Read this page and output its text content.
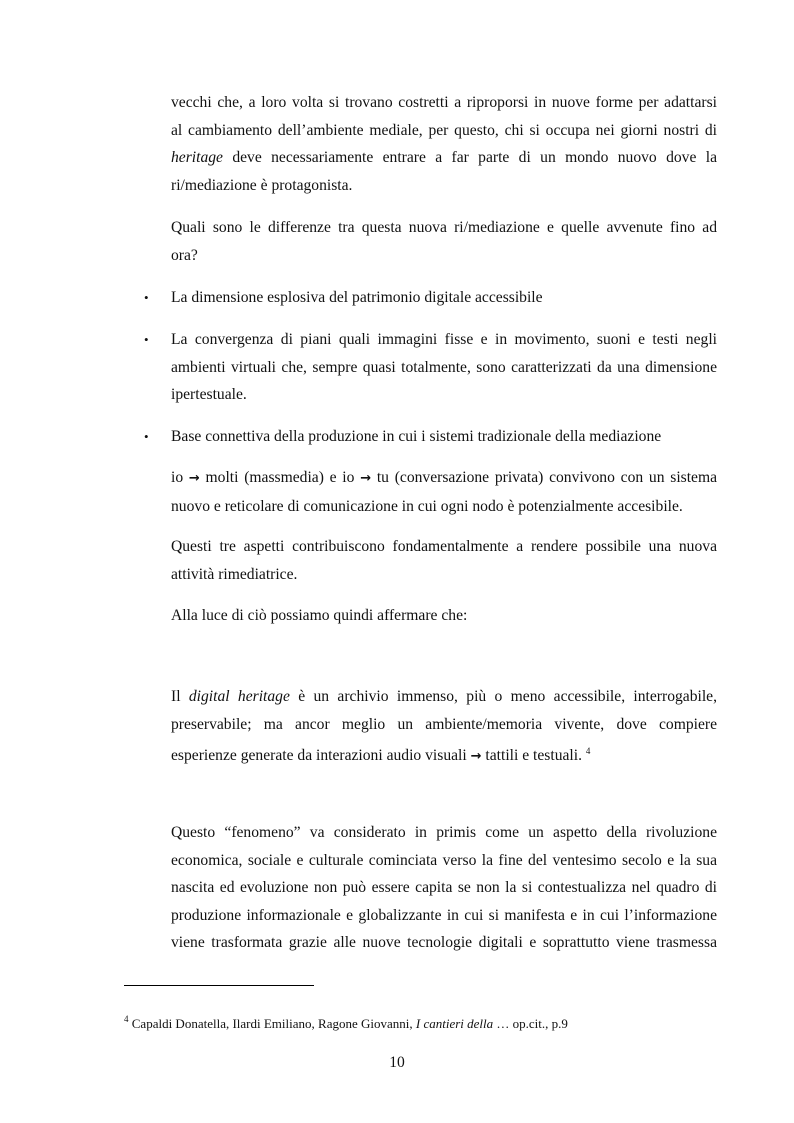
vecchi che, a loro volta si trovano costretti a riproporsi in nuove forme per adattarsi
al cambiamento dell’ambiente mediale, per questo, chi si occupa nei giorni nostri di
heritage deve necessariamente entrare a far parte di un mondo nuovo dove la
ri/mediazione è protagonista.
Quali sono le differenze tra questa nuova ri/mediazione e quelle avvenute fino ad
ora?
• La dimensione esplosiva del patrimonio digitale accessibile
• La convergenza di piani quali immagini fisse e in movimento, suoni e testi negli
ambienti virtuali che, sempre quasi totalmente, sono caratterizzati da una dimensione
ipertestuale.
• Base connettiva della produzione in cui i sistemi tradizionale della mediazione
io → molti (massmedia) e io → tu (conversazione privata) convivono con un sistema
nuovo e reticolare di comunicazione in cui ogni nodo è potenzialmente accesibile.
Questi tre aspetti contribuiscono fondamentalmente a rendere possibile una nuova
attività rimediatrice.
Alla luce di ciò possiamo quindi affermare che:
Il digital heritage è un archivio immenso, più o meno accessibile, interrogabile,
preservabile; ma ancor meglio un ambiente/memoria vivente, dove compiere
esperienze generate da interazioni audio visuali → tattili e testuali. $^4$
Questo “fenomeno” va considerato in primis come un aspetto della rivoluzione
economica, sociale e culturale cominciata verso la fine del ventesimo secolo e la sua
nascita ed evoluzione non può essere capita se non la si contestualizza nel quadro di
produzione informazionale e globalizzante in cui si manifesta e in cui l’informazione
viene trasformata grazie alle nuove tecnologie digitali e soprattutto viene trasmessa
$^4$ Capaldi Donatella, Ilardi Emiliano, Ragone Giovanni, I cantieri della … op.cit., p.9
10
